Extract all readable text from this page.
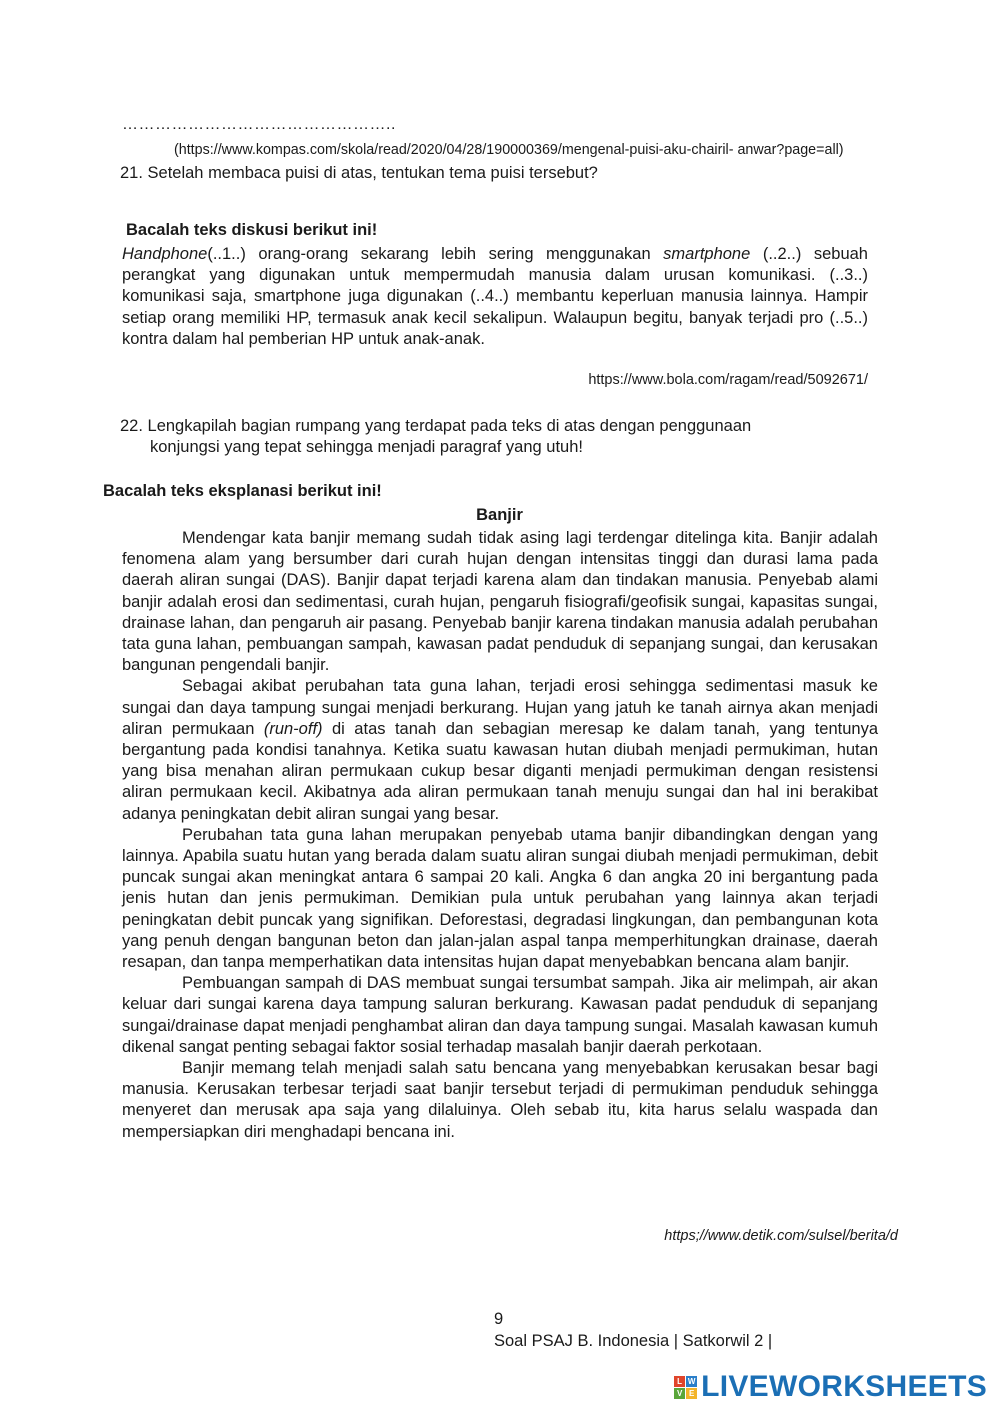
…………………………………………..
(https://www.kompas.com/skola/read/2020/04/28/190000369/mengenal-puisi-aku-chairil- anwar?page=all)
21. Setelah membaca puisi di atas, tentukan tema puisi tersebut?
Bacalah teks diskusi berikut ini!
Handphone(..1..) orang-orang sekarang lebih sering menggunakan smartphone (..2..) sebuah perangkat yang digunakan untuk mempermudah manusia dalam urusan komunikasi. (..3..) komunikasi saja, smartphone juga digunakan (..4..) membantu keperluan manusia lainnya. Hampir setiap orang memiliki HP, termasuk anak kecil sekalipun. Walaupun begitu, banyak terjadi pro (..5..) kontra dalam hal pemberian HP untuk anak-anak.
https://www.bola.com/ragam/read/5092671/
22. Lengkapilah bagian rumpang yang terdapat pada teks di atas dengan penggunaan
konjungsi yang tepat sehingga menjadi paragraf yang utuh!
Bacalah teks eksplanasi berikut ini!
Banjir

Mendengar kata banjir memang sudah tidak asing lagi terdengar ditelinga kita. Banjir adalah fenomena alam yang bersumber dari curah hujan dengan intensitas tinggi dan durasi lama pada daerah aliran sungai (DAS). Banjir dapat terjadi karena alam dan tindakan manusia. Penyebab alami banjir adalah erosi dan sedimentasi, curah hujan, pengaruh fisiografi/geofisik sungai, kapasitas sungai, drainase lahan, dan pengaruh air pasang. Penyebab banjir karena tindakan manusia adalah perubahan tata guna lahan, pembuangan sampah, kawasan padat penduduk di sepanjang sungai, dan kerusakan bangunan pengendali banjir.

Sebagai akibat perubahan tata guna lahan, terjadi erosi sehingga sedimentasi masuk ke sungai dan daya tampung sungai menjadi berkurang. Hujan yang jatuh ke tanah airnya akan menjadi aliran permukaan (run-off) di atas tanah dan sebagian meresap ke dalam tanah, yang tentunya bergantung pada kondisi tanahnya. Ketika suatu kawasan hutan diubah menjadi permukiman, hutan yang bisa menahan aliran permukaan cukup besar diganti menjadi permukiman dengan resistensi aliran permukaan kecil. Akibatnya ada aliran permukaan tanah menuju sungai dan hal ini berakibat adanya peningkatan debit aliran sungai yang besar.

Perubahan tata guna lahan merupakan penyebab utama banjir dibandingkan dengan yang lainnya. Apabila suatu hutan yang berada dalam suatu aliran sungai diubah menjadi permukiman, debit puncak sungai akan meningkat antara 6 sampai 20 kali. Angka 6 dan angka 20 ini bergantung pada jenis hutan dan jenis permukiman. Demikian pula untuk perubahan yang lainnya akan terjadi peningkatan debit puncak yang signifikan. Deforestasi, degradasi lingkungan, dan pembangunan kota yang penuh dengan bangunan beton dan jalan-jalan aspal tanpa memperhitungkan drainase, daerah resapan, dan tanpa memperhatikan data intensitas hujan dapat menyebabkan bencana alam banjir.

Pembuangan sampah di DAS membuat sungai tersumbat sampah. Jika air melimpah, air akan keluar dari sungai karena daya tampung saluran berkurang. Kawasan padat penduduk di sepanjang sungai/drainase dapat menjadi penghambat aliran dan daya tampung sungai. Masalah kawasan kumuh dikenal sangat penting sebagai faktor sosial terhadap masalah banjir daerah perkotaan.

Banjir memang telah menjadi salah satu bencana yang menyebabkan kerusakan besar bagi manusia. Kerusakan terbesar terjadi saat banjir tersebut terjadi di permukiman penduduk sehingga menyeret dan merusak apa saja yang dilaluinya. Oleh sebab itu, kita harus selalu waspada dan mempersiapkan diri menghadapi bencana ini.

https;//www.detik.com/sulsel/berita/d
9
Soal PSAJ B. Indonesia | Satkorwil 2 |
L W
V E LIVEWORKSHEETS
